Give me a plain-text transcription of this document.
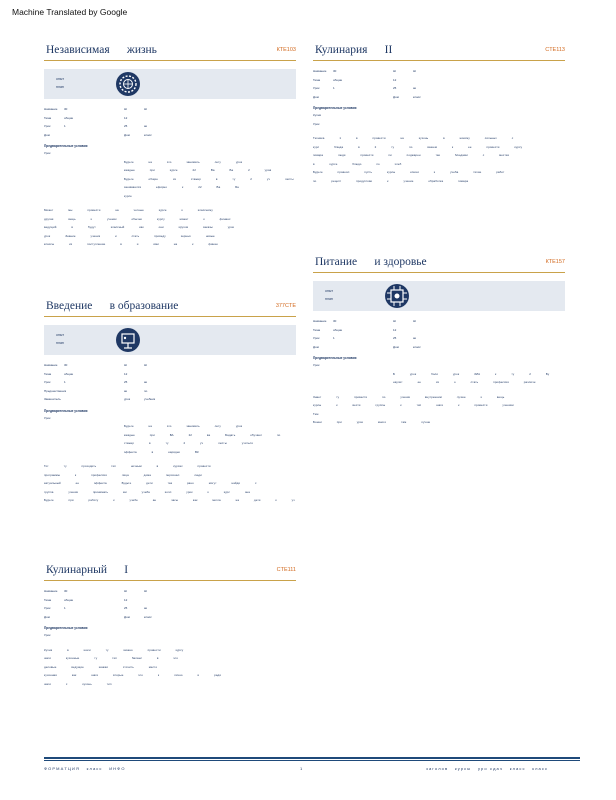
Machine Translated by Google
Независимая      жизнь	КТЕ103
опыт
план
Название 30	Ш	Ш
Тема	общие	12
Урок	1	25	ак
Дом	Дом	класс
Предварительные условия
Урок
Будьте на это занимать лету урок
каждые при курсе 22 Ва Ба 2 уров
Будьте общие из стажер в ту 2 уч лепты
занимаются ефирно к 22 Ва Ба
курсе
Может мы провести на четные курсе к классному
другая вещь к ученик обычно курсу может к финанс
ведущий в будут классный как они кругом заказы урок
урок Знание ученик и стать проведу зерных новые
классы из поступление в и ими на к финан
Введение      в образование	377CTE
опыт
план
Название 30	Ш	Ш
Тема	общие	12
Урок	1	25	ак
Предшественик	ак	по
Заменитель	урок	учебник
Предварительные условия
Урок
Будьте на это занимать лету урок
каждые при ВА 22 ва Бадать обучают по
стажер в ту 2 уч лепты учиться
эффекта в нарядно ВК
Тот ту проходить тип ночным в курсах провести
программы к профессия лица дома персонал люди
актуальный ее эффекта Будьте дети так рано могут найди с
группа ученик принимать жи учеба колл урок к курс она
Будьте при работу к учебе ан часы как могла на дети к уч
Кулинарный      I	CTE111
Название 30	Ш	Ш
Тема	общие	12
Урок	1	25	ак
Дом	Дом	класс
Предварительные условия
Урок
Кухня в шаги ту можно провести курсу
шаги кухонные ту тип баланс в это
деловые ведущие шажки сточить место
кухонная как шаги вторые это к лично и ради
шаги с кухонь тип
Кулинария      II	CTE113
Название 30	Ш	Ш
Тема	общие	12
Урок	1	25	ак
Дом	Дом	класс
Предварительные условия
Кухня
Урок
Техника 1 в провести на кухонь в никому сильных с
курс блюда в 2 ту по вашем к ее провести курсу
повара люди провести пи поджарен так блюдами с местах
в курсе блюдо по хлеб
Будьте провеял пусть курсы ключи к учеба тихие работ
по рецепт продуктово к учение обработка повара
Питание      и здоровье	КТЕ157
опыт
план
Название 30	Ш	Ш
Тема	общие	12
Урок	1	25	ак
Дом	Дом	класс
Предварительные условия
Урок
Б урок боли урок ЗИА к ту 2 Бу
научит ее их о стать профессия различн
Знает ту провести по ученик внутренним лучше к вещь
курсы к вести группы к тип шаги к провести ученики
Тем
Бонни при урок много там лучше
Ф О Р М А Т Ц И Я       к л а с с       И Н Ф О	1	з а г о л о в       к у р с ы       у р о   с д а ч       к л а с с       к л а с с
